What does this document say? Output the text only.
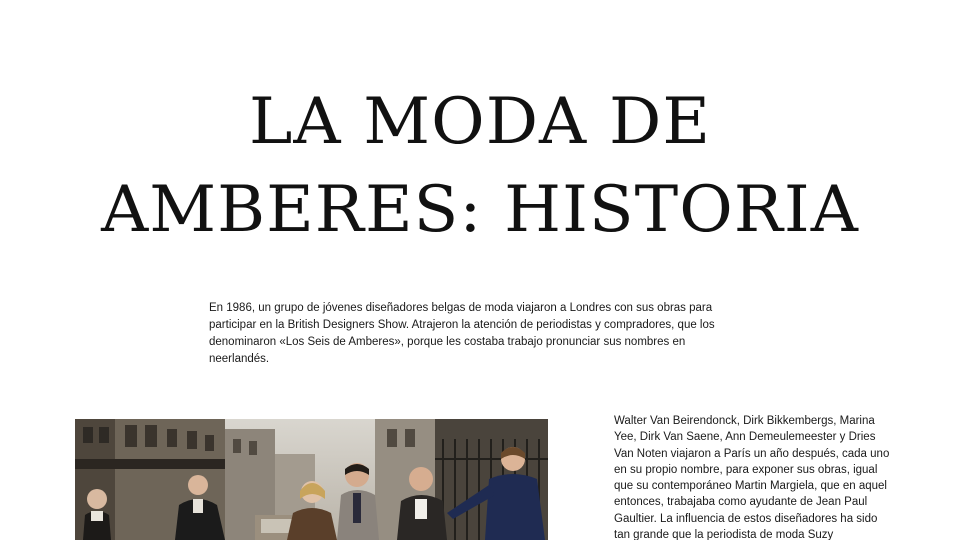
LA MODA DE
AMBERES: HISTORIA

En 1986, un grupo de jóvenes diseñadores belgas de moda viajaron a Londres con sus obras para participar en la British Designers Show. Atrajeron la atención de periodistas y compradores, que los denominaron «Los Seis de Amberes», porque les costaba trabajo pronunciar sus nombres en neerlandés.

Walter Van Beirendonck, Dirk Bikkembergs, Marina Yee, Dirk Van Saene, Ann Demeulemeester y Dries Van Noten viajaron a París un año después, cada uno en su propio nombre, para exponer sus obras, igual que su contemporáneo Martin Margiela, que en aquel entonces, trabajaba como ayudante de Jean Paul Gaultier. La influencia de estos diseñadores ha sido tan grande que la periodista de moda Suzy
